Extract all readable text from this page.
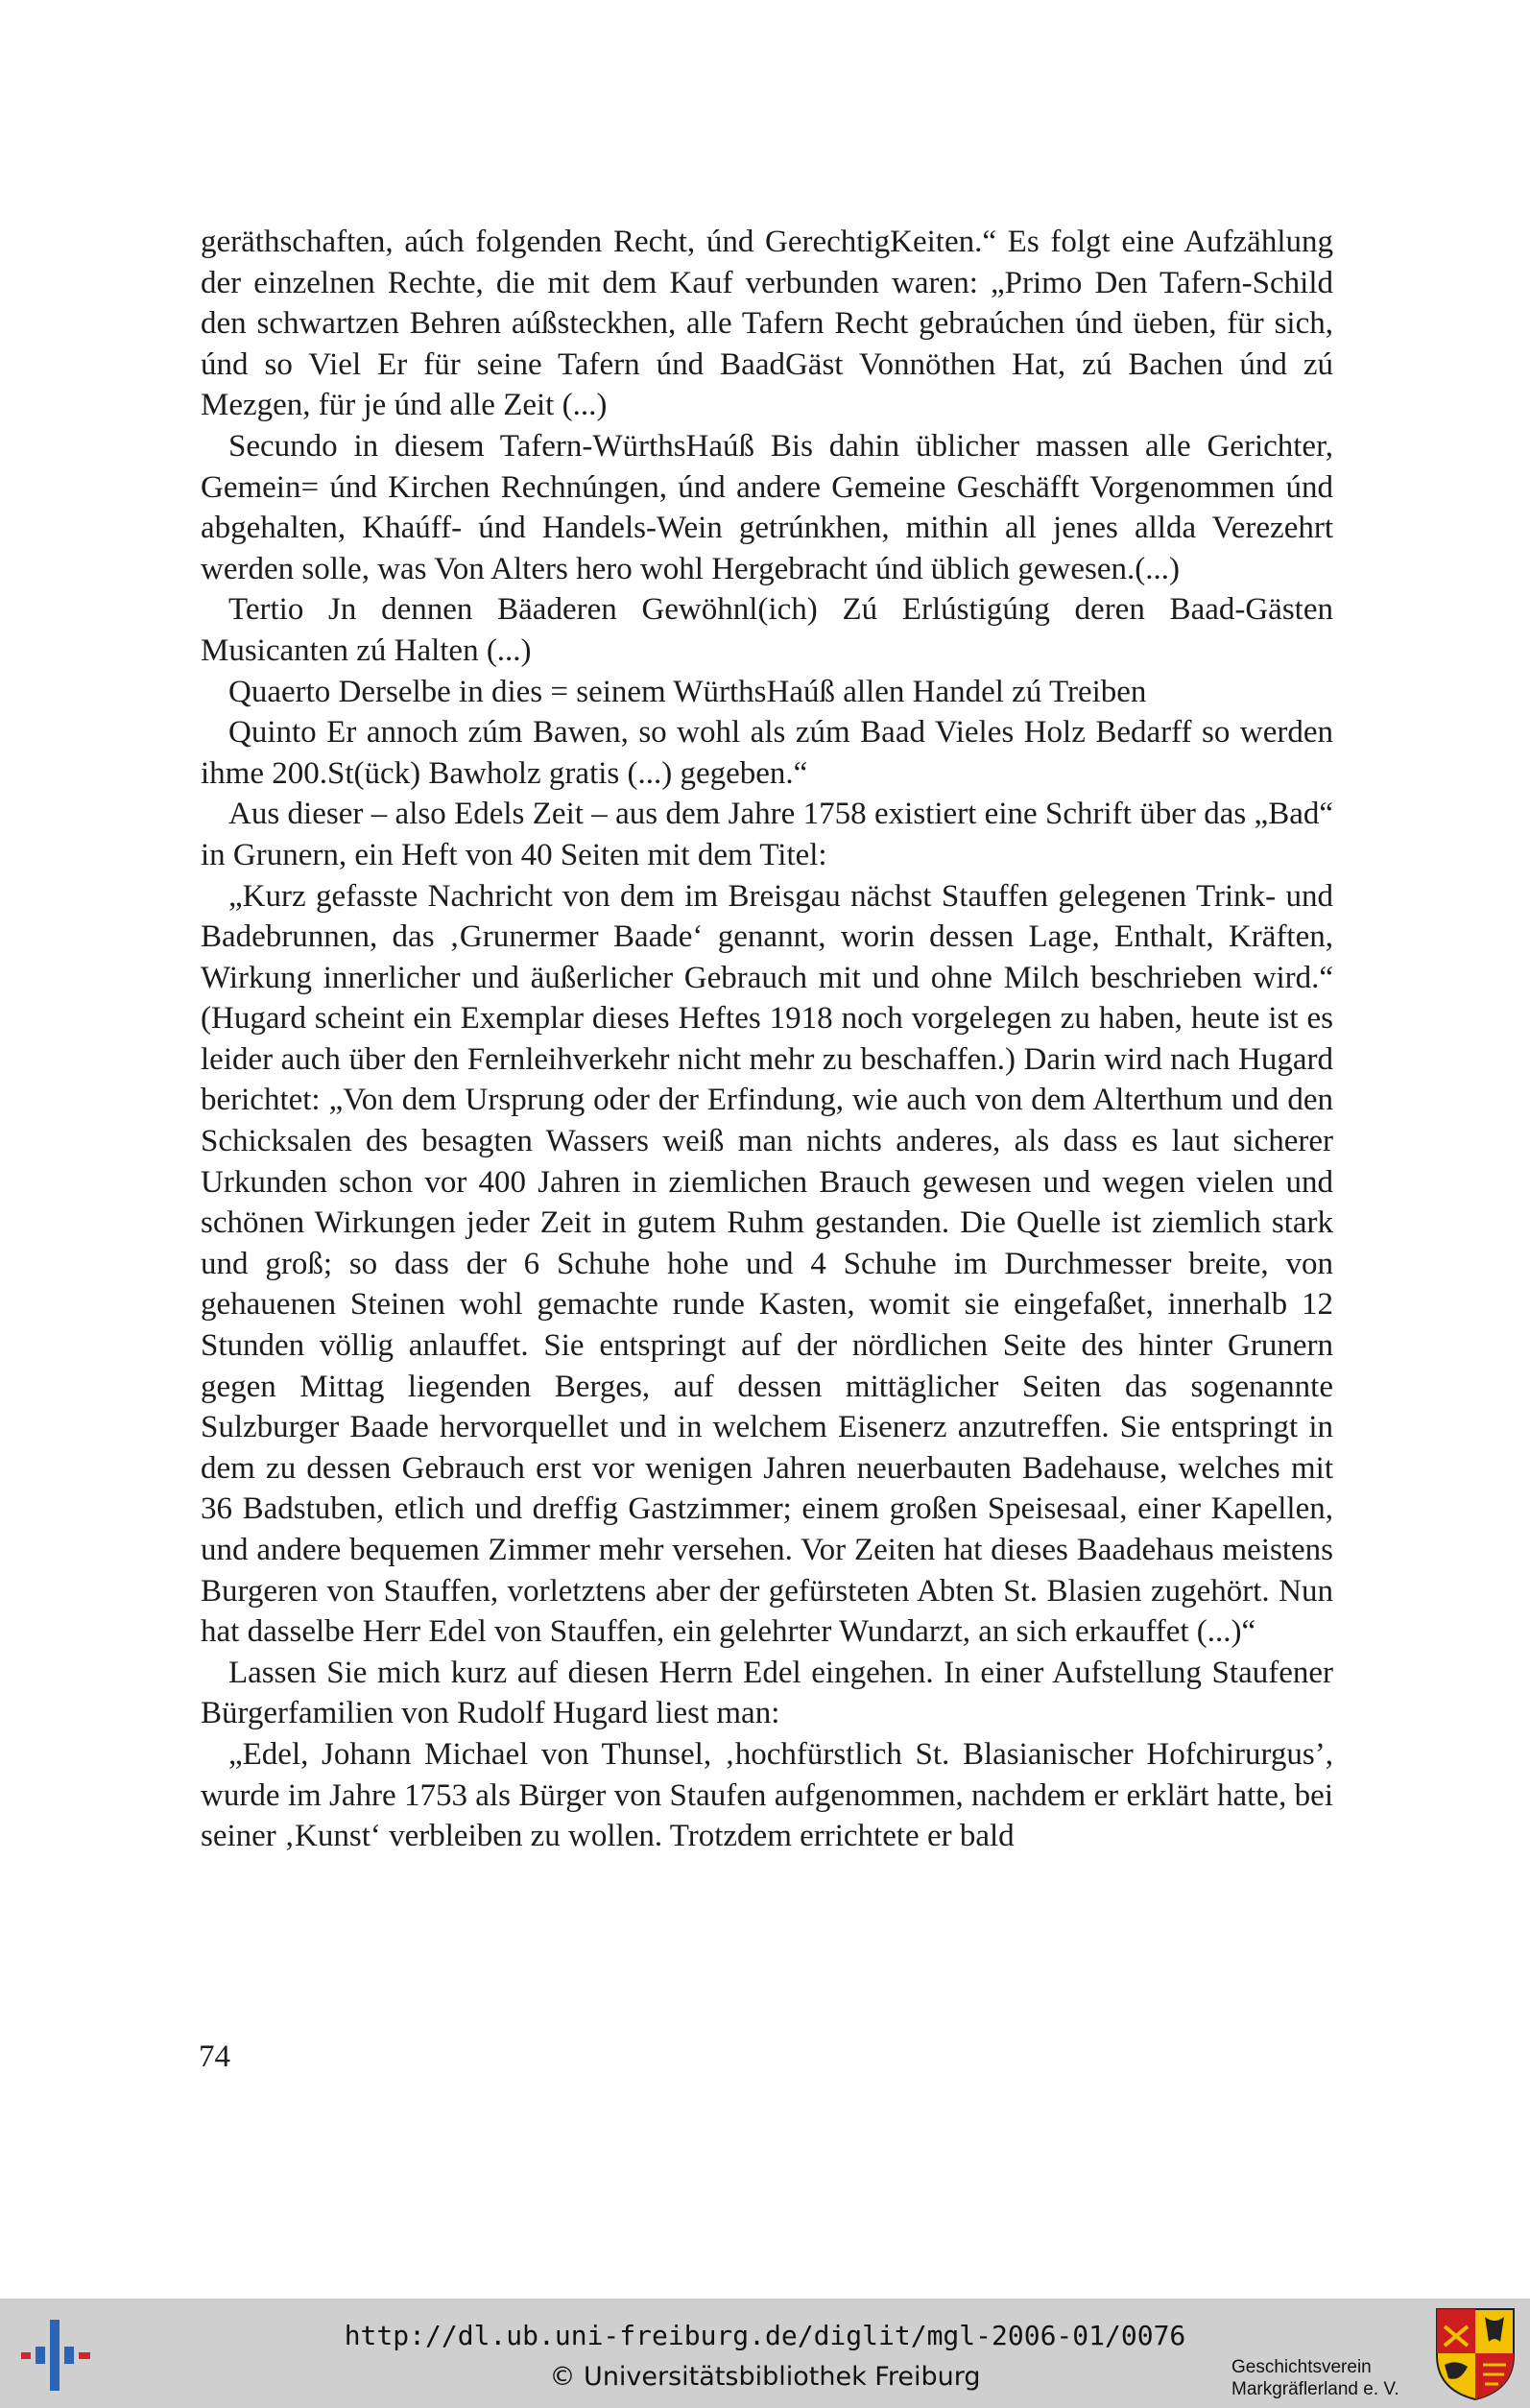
geräthschaften, aúch folgenden Recht, únd GerechtigKeiten.“ Es folgt eine Aufzählung der einzelnen Rechte, die mit dem Kauf verbunden waren: „Primo Den Tafern-Schild den schwartzen Behren aúßsteckhen, alle Tafern Recht gebraúchen únd üeben, für sich, únd so Viel Er für seine Tafern únd BaadGäst Vonnöthen Hat, zú Bachen únd zú Mezgen, für je únd alle Zeit (...)

Secundo in diesem Tafern-WürthsHaúß Bis dahin üblicher massen alle Gerichter, Gemein= únd Kirchen Rechnúngen, únd andere Gemeine Geschäfft Vorgenommen únd abgehalten, Khaúff- únd Handels-Wein getrúnkhen, mithin all jenes allda Verezehrt werden solle, was Von Alters hero wohl Hergebracht únd üblich gewesen.(...)

Tertio Jn dennen Bäaderen Gewöhnl(ich) Zú Erlústigúng deren Baad-Gästen Musicanten zú Halten (...)

Quaerto Derselbe in dies = seinem WürthsHaúß allen Handel zú Treiben

Quinto Er annoch zúm Bawen, so wohl als zúm Baad Vieles Holz Bedarff so werden ihme 200.St(ück) Bawholz gratis (...) gegeben.“

Aus dieser – also Edels Zeit – aus dem Jahre 1758 existiert eine Schrift über das „Bad“ in Grunern, ein Heft von 40 Seiten mit dem Titel:

„Kurz gefasste Nachricht von dem im Breisgau nächst Stauffen gelegenen Trink- und Badebrunnen, das ‚Grunermer Baade‘ genannt, worin dessen Lage, Enthalt, Kräften, Wirkung innerlicher und äußerlicher Gebrauch mit und ohne Milch beschrieben wird.“ (Hugard scheint ein Exemplar dieses Heftes 1918 noch vorgelegen zu haben, heute ist es leider auch über den Fernleihverkehr nicht mehr zu beschaffen.) Darin wird nach Hugard berichtet: „Von dem Ursprung oder der Erfindung, wie auch von dem Alterthum und den Schicksalen des besagten Wassers weiß man nichts anderes, als dass es laut sicherer Urkunden schon vor 400 Jahren in ziemlichen Brauch gewesen und wegen vielen und schönen Wirkungen jeder Zeit in gutem Ruhm gestanden. Die Quelle ist ziemlich stark und groß; so dass der 6 Schuhe hohe und 4 Schuhe im Durchmesser breite, von gehauenen Steinen wohl gemachte runde Kasten, womit sie eingefaßet, innerhalb 12 Stunden völlig anlauffet. Sie entspringt auf der nördlichen Seite des hinter Grunern gegen Mittag liegenden Berges, auf dessen mittäglicher Seiten das sogenannte Sulzburger Baade hervorquellet und in welchem Eisenerz anzutreffen. Sie entspringt in dem zu dessen Gebrauch erst vor wenigen Jahren neuerbauten Badehause, welches mit 36 Badstuben, etlich und dreffig Gastzimmer; einem großen Speisesaal, einer Kapellen, und andere bequemen Zimmer mehr versehen. Vor Zeiten hat dieses Baadehaus meistens Burgeren von Stauffen, vorletztens aber der gefürsteten Abten St. Blasien zugehört. Nun hat dasselbe Herr Edel von Stauffen, ein gelehrter Wundarzt, an sich erkauffet (...)“

Lassen Sie mich kurz auf diesen Herrn Edel eingehen. In einer Aufstellung Staufener Bürgerfamilien von Rudolf Hugard liest man:

„Edel, Johann Michael von Thunsel, ‚hochfürstlich St. Blasianischer Hofchirurgus’, wurde im Jahre 1753 als Bürger von Staufen aufgenommen, nachdem er erklärt hatte, bei seiner ‚Kunst‘ verbleiben zu wollen. Trotzdem errichtete er bald

74
http://dl.ub.uni-freiburg.de/diglit/mgl-2006-01/0076
© Universitätsbibliothek Freiburg	Geschichtsverein
Markgräflerland e. V.
